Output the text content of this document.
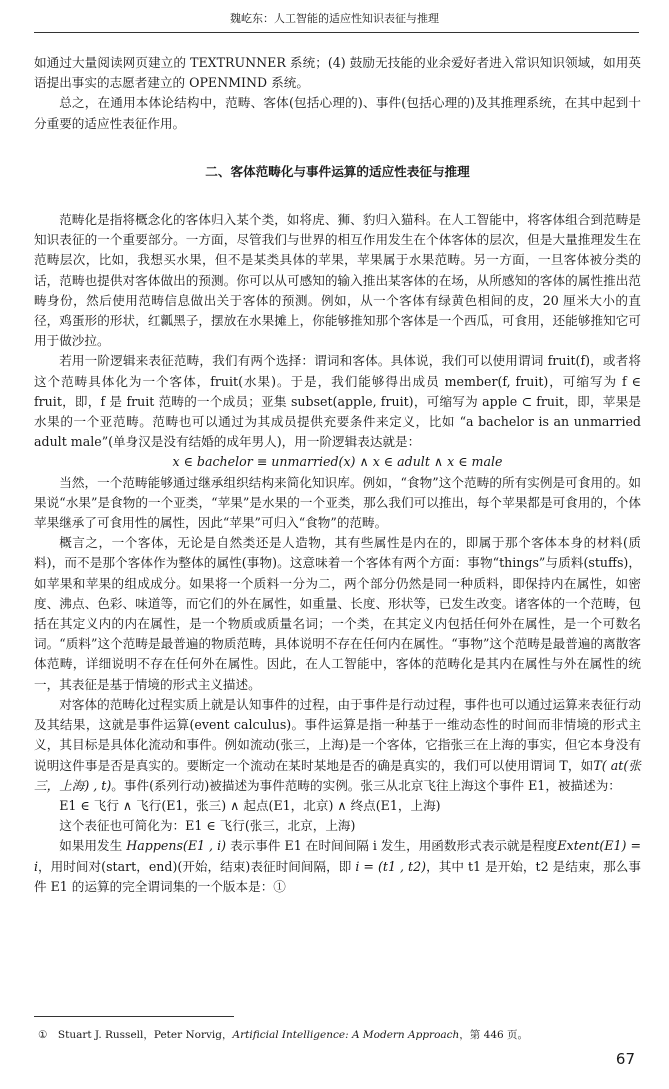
魏屹东：人工智能的适应性知识表征与推理

如通过大量阅读网页建立的 TEXTRUNNER 系统；(4) 鼓励无技能的业余爱好者进入常识知识领域，如用英语提出事实的志愿者建立的 OPENMIND 系统。

总之，在通用本体论结构中，范畴、客体(包括心理的)、事件(包括心理的)及其推理系统，在其中起到十分重要的适应性表征作用。

二、客体范畴化与事件运算的适应性表征与推理

范畴化是指将概念化的客体归入某个类，如将虎、狮、豹归入猫科。在人工智能中，将客体组合到范畴是知识表征的一个重要部分。一方面，尽管我们与世界的相互作用发生在个体客体的层次，但是大量推理发生在范畴层次，比如，我想买水果，但不是某类具体的苹果，苹果属于水果范畴。另一方面，一旦客体被分类的话，范畴也提供对客体做出的预测。你可以从可感知的输入推出某客体的在场，从所感知的客体的属性推出范畴身份，然后使用范畴信息做出关于客体的预测。例如，从一个客体有绿黄色相间的皮，20 厘米大小的直径，鸡蛋形的形状，红瓤黑子，摆放在水果摊上，你能够推知那个客体是一个西瓜，可食用，还能够推知它可用于做沙拉。

若用一阶逻辑来表征范畴，我们有两个选择：谓词和客体。具体说，我们可以使用谓词 fruit(f)，或者将这个范畴具体化为一个客体，fruit(水果)。于是，我们能够得出成员 member(f, fruit)，可缩写为 f ∈ fruit，即，f 是 fruit 范畴的一个成员；亚集 subset(apple, fruit)，可缩写为 apple ⊂ fruit，即，苹果是水果的一个亚范畴。范畴也可以通过为其成员提供充要条件来定义，比如 “a bachelor is an unmarried adult male”(单身汉是没有结婚的成年男人)，用一阶逻辑表达就是：

x ∈ bachelor ≡ unmarried(x) ∧ x ∈ adult ∧ x ∈ male

当然，一个范畴能够通过继承组织结构来简化知识库。例如，“食物”这个范畴的所有实例是可食用的。如果说“水果”是食物的一个亚类，“苹果”是水果的一个亚类，那么我们可以推出，每个苹果都是可食用的，个体苹果继承了可食用性的属性，因此“苹果”可归入“食物”的范畴。

概言之，一个客体，无论是自然类还是人造物，其有些属性是内在的，即属于那个客体本身的材料(质料)，而不是那个客体作为整体的属性(事物)。这意味着一个客体有两个方面：事物“things”与质料(stuffs)，如苹果和苹果的组成成分。如果将一个质料一分为二，两个部分仍然是同一种质料，即保持内在属性，如密度、沸点、色彩、味道等，而它们的外在属性，如重量、长度、形状等，已发生改变。诸客体的一个范畴，包括在其定义内的内在属性，是一个物质或质量名词；一个类，在其定义内包括任何外在属性，是一个可数名词。“质料”这个范畴是最普遍的物质范畴，具体说明不存在任何内在属性。“事物”这个范畴是最普遍的离散客体范畴，详细说明不存在任何外在属性。因此，在人工智能中，客体的范畴化是其内在属性与外在属性的统一，其表征是基于情境的形式主义描述。

对客体的范畴化过程实质上就是认知事件的过程，由于事件是行动过程，事件也可以通过运算来表征行动及其结果，这就是事件运算(event calculus)。事件运算是指一种基于一维动态性的时间而非情境的形式主义，其目标是具体化流动和事件。例如流动(张三，上海)是一个客体，它指张三在上海的事实，但它本身没有说明这件事是否是真实的。要断定一个流动在某时某地是否的确是真实的，我们可以使用谓词 T，如T( at(张三，上海) , t)。事件(系列行动)被描述为事件范畴的实例。张三从北京飞往上海这个事件 E1，被描述为：

E1 ∈ 飞行 ∧ 飞行(E1，张三) ∧ 起点(E1，北京) ∧ 终点(E1，上海)

这个表征也可简化为：E1 ∈ 飞行(张三，北京，上海)

如果用发生 Happens(E1 , i) 表示事件 E1 在时间间隔 i 发生，用函数形式表示就是程度Extent(E1) = i，用时间对(start，end)(开始，结束)表征时间间隔，即 i = (t1 , t2)，其中 t1 是开始，t2 是结束，那么事件 E1 的运算的完全谓词集的一个版本是：①

①　Stuart J. Russell，Peter Norvig，Artificial Intelligence: A Modern Approach，第 446 页。
67
